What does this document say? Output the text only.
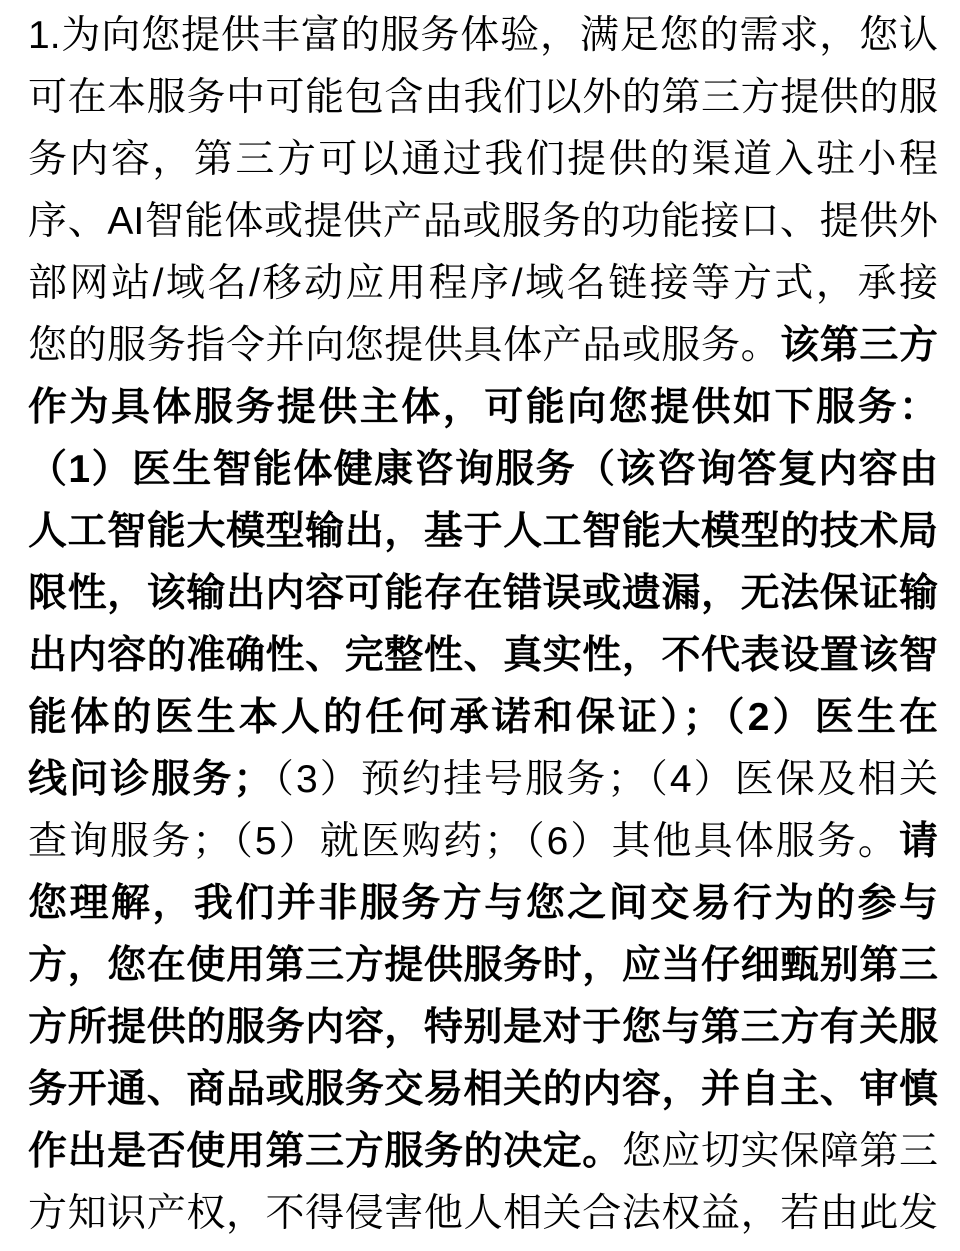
1.为向您提供丰富的服务体验，满足您的需求，您认
可在本服务中可能包含由我们以外的第三方提供的服
务内容，第三方可以通过我们提供的渠道入驻小程
序、AI智能体或提供产品或服务的功能接口、提供外
部网站/域名/移动应用程序/域名链接等方式，承接
您的服务指令并向您提供具体产品或服务。该第三方
作为具体服务提供主体，可能向您提供如下服务：
（1）医生智能体健康咨询服务（该咨询答复内容由
人工智能大模型输出，基于人工智能大模型的技术局
限性，该输出内容可能存在错误或遗漏，无法保证输
出内容的准确性、完整性、真实性，不代表设置该智
能体的医生本人的任何承诺和保证）；（2）医生在
线问诊服务；（3）预约挂号服务；（4）医保及相关
查询服务；（5）就医购药；（6）其他具体服务。请
您理解，我们并非服务方与您之间交易行为的参与
方，您在使用第三方提供服务时，应当仔细甄别第三
方所提供的服务内容，特别是对于您与第三方有关服
务开通、商品或服务交易相关的内容，并自主、审慎
作出是否使用第三方服务的决定。您应切实保障第三
方知识产权，不得侵害他人相关合法权益，若由此发
